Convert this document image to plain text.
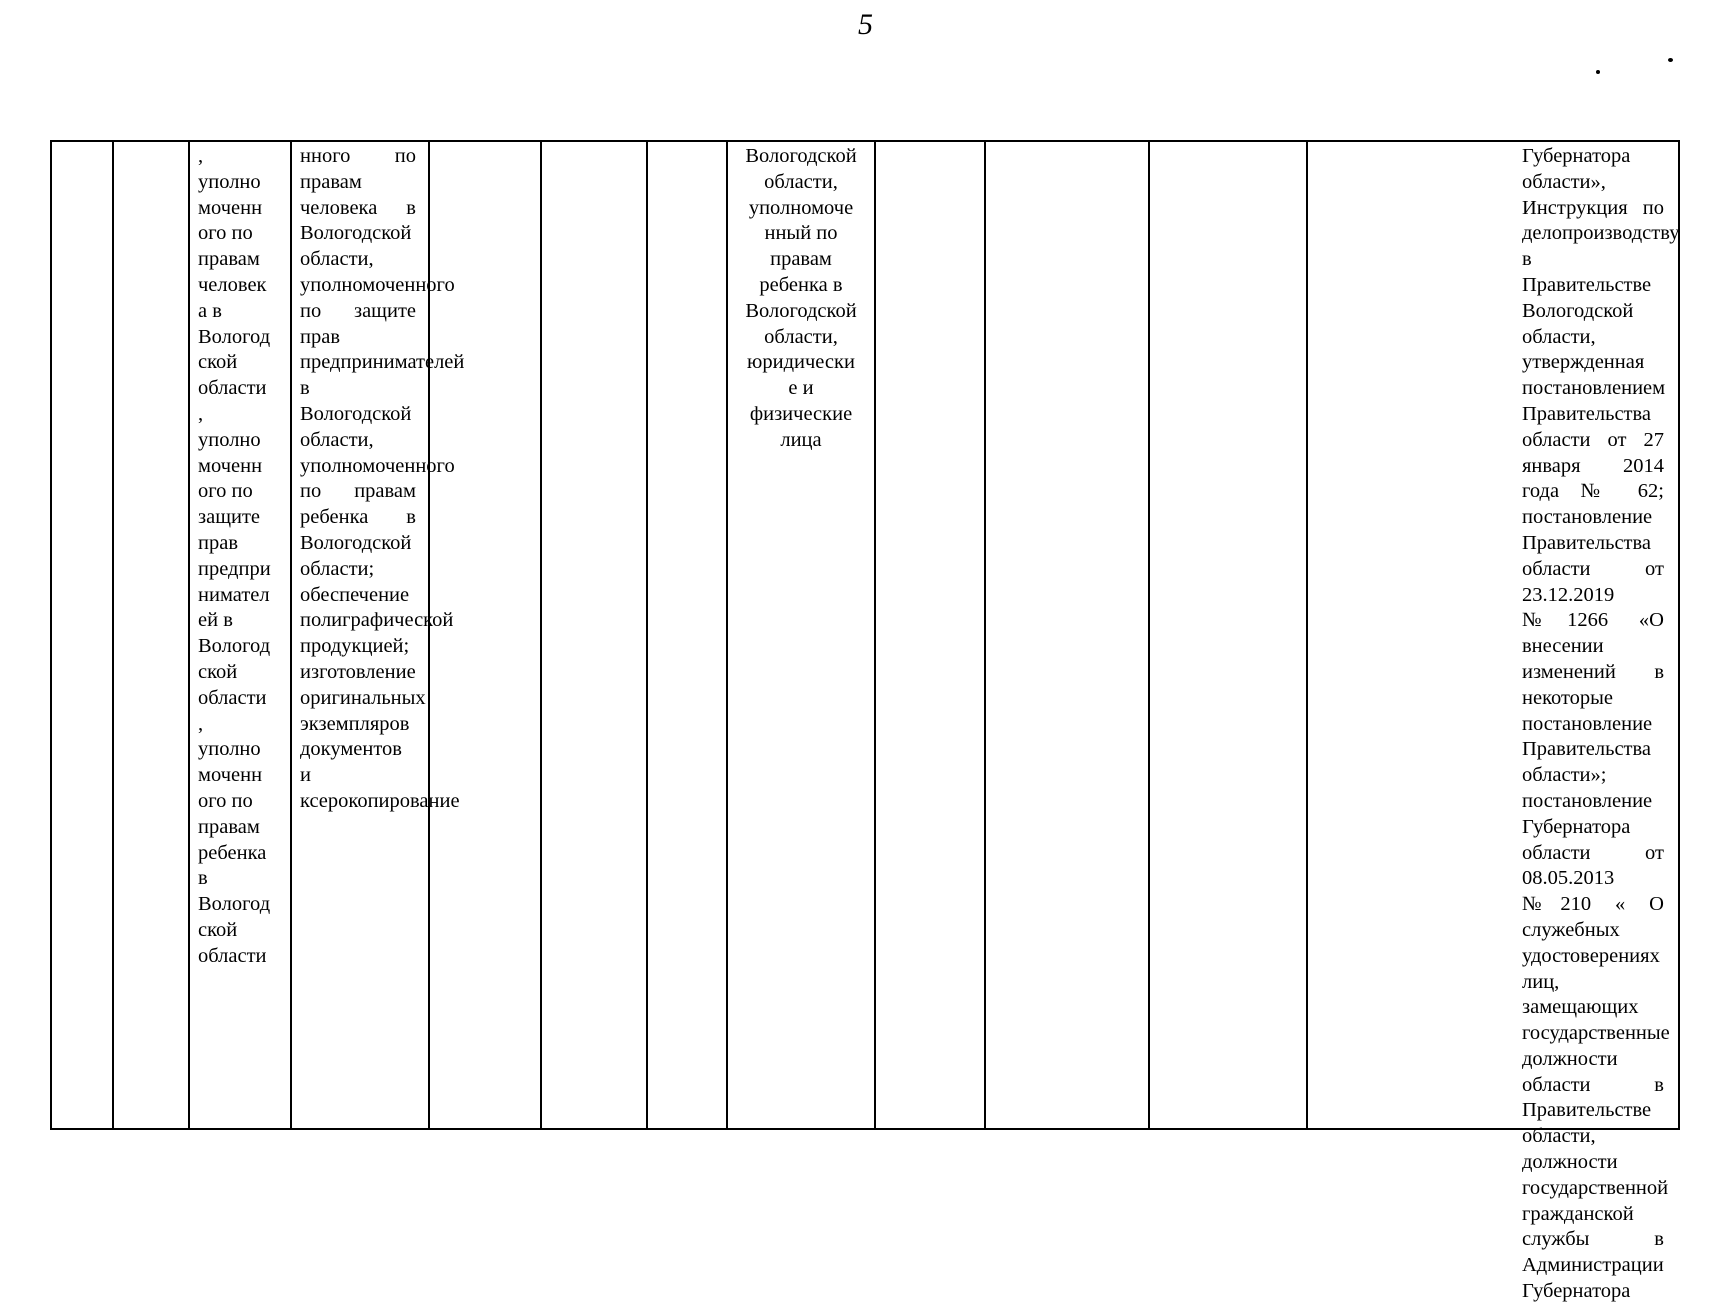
5
,
уполно
моченн
ого по
правам
человек
а в
Вологод
ской
области
,
уполно
моченн
ого по
защите
прав
предпри
нимател
ей в
Вологод
ской
области
,
уполно
моченн
ого по
правам
ребенка
в
Вологод
ской
области
нного по правам человека в Вологодской области, уполномоченного по защите прав предпринимателей в Вологодской области, уполномоченного по правам ребенка в Вологодской области; обеспечение полиграфической продукцией; изготовление оригинальных экземпляров документов и ксерокопирование
Вологодской
области,
уполномоче
нный по
правам
ребенка в
Вологодской
области,
юридически
е и
физические
лица
Губернатора области», Инструкция по делопроизводству в Правительстве Вологодской области, утвержденная постановлением Правительства области от 27 января 2014 года № 62; постановление Правительства области от 23.12.2019 №1266 «О внесении изменений в некоторые постановление Правительства области»; постановление Губернатора области от 08.05.2013 №210 « О служебных удостоверениях лиц, замещающих государственные должности области в Правительстве области, должности государственной гражданской службы в Администрации Губернатора
